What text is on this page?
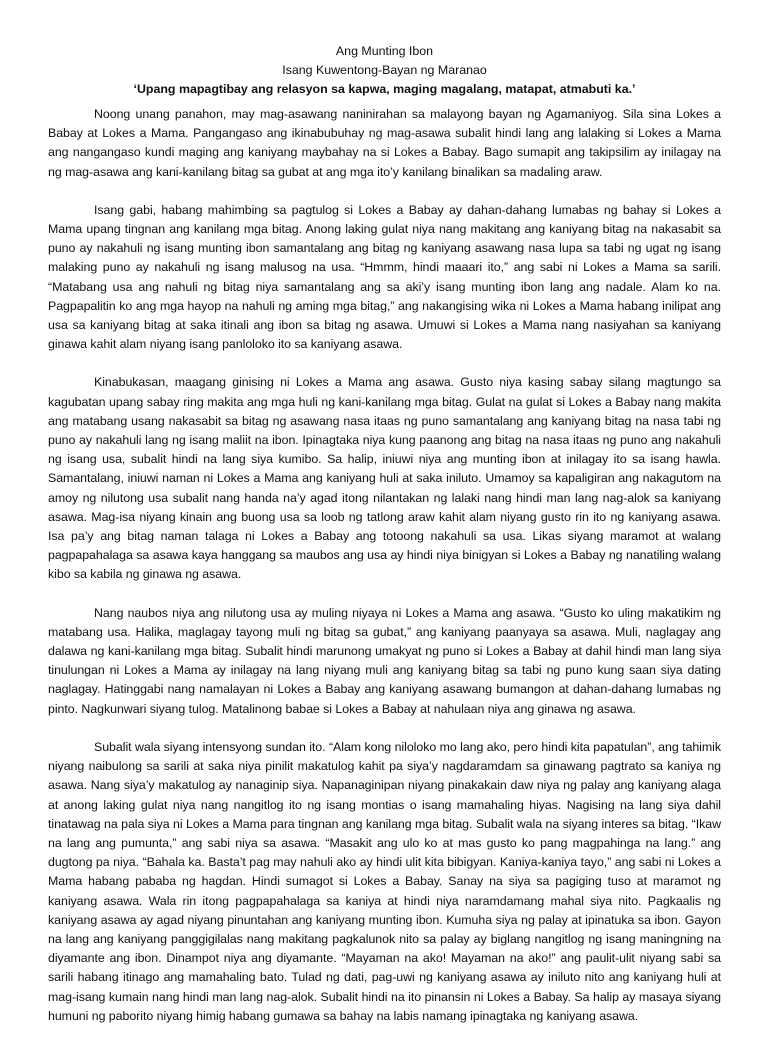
Ang Munting Ibon
Isang Kuwentong-Bayan ng Maranao
‘Upang mapagtibay ang relasyon sa kapwa, maging magalang, matapat, atmabuti ka.’

Noong unang panahon, may mag-asawang naninirahan sa malayong bayan ng Agamaniyog. Sila sina Lokes a Babay at Lokes a Mama. Pangangaso ang ikinabubuhay ng mag-asawa subalit hindi lang ang lalaking si Lokes a Mama ang nangangaso kundi maging ang kaniyang maybahay na si Lokes a Babay. Bago sumapit ang takipsilim ay inilagay na ng mag-asawa ang kani-kanilang bitag sa gubat at ang mga ito’y kanilang binalikan sa madaling araw.

Isang gabi, habang mahimbing sa pagtulog si Lokes a Babay ay dahan-dahang lumabas ng bahay si Lokes a Mama upang tingnan ang kanilang mga bitag. Anong laking gulat niya nang makitang ang kaniyang bitag na nakasabit sa puno ay nakahuli ng isang munting ibon samantalang ang bitag ng kaniyang asawang nasa lupa sa tabi ng ugat ng isang malaking puno ay nakahuli ng isang malusog na usa. “Hmmm, hindi maaari ito,” ang sabi ni Lokes a Mama sa sarili. “Matabang usa ang nahuli ng bitag niya samantalang ang sa aki’y isang munting ibon lang ang nadale. Alam ko na. Pagpapalitin ko ang mga hayop na nahuli ng aming mga bitag,” ang nakangising wika ni Lokes a Mama habang inilipat ang usa sa kaniyang bitag at saka itinali ang ibon sa bitag ng asawa. Umuwi si Lokes a Mama nang nasiyahan sa kaniyang ginawa kahit alam niyang isang panloloko ito sa kaniyang asawa.

Kinabukasan, maagang ginising ni Lokes a Mama ang asawa. Gusto niya kasing sabay silang magtungo sa kagubatan upang sabay ring makita ang mga huli ng kani-kanilang mga bitag. Gulat na gulat si Lokes a Babay nang makita ang matabang usang nakasabit sa bitag ng asawang nasa itaas ng puno samantalang ang kaniyang bitag na nasa tabi ng puno ay nakahuli lang ng isang maliit na ibon. Ipinagtaka niya kung paanong ang bitag na nasa itaas ng puno ang nakahuli ng isang usa, subalit hindi na lang siya kumibo. Sa halip, iniuwi niya ang munting ibon at inilagay ito sa isang hawla. Samantalang, iniuwi naman ni Lokes a Mama ang kaniyang huli at saka iniluto. Umamoy sa kapaligiran ang nakagutom na amoy ng nilutong usa subalit nang handa na’y agad itong nilantakan ng lalaki nang hindi man lang nag-alok sa kaniyang asawa. Mag-isa niyang kinain ang buong usa sa loob ng tatlong araw kahit alam niyang gusto rin ito ng kaniyang asawa. Isa pa’y ang bitag naman talaga ni Lokes a Babay ang totoong nakahuli sa usa. Likas siyang maramot at walang pagpapahalaga sa asawa kaya hanggang sa maubos ang usa ay hindi niya binigyan si Lokes a Babay ng nanatiling walang kibo sa kabila ng ginawa ng asawa.

Nang naubos niya ang nilutong usa ay muling niyaya ni Lokes a Mama ang asawa. “Gusto ko uling makatikim ng matabang usa. Halika, maglagay tayong muli ng bitag sa gubat,” ang kaniyang paanyaya sa asawa. Muli, naglagay ang dalawa ng kani-kanilang mga bitag. Subalit hindi marunong umakyat ng puno si Lokes a Babay at dahil hindi man lang siya tinulungan ni Lokes a Mama ay inilagay na lang niyang muli ang kaniyang bitag sa tabi ng puno kung saan siya dating naglagay. Hatinggabi nang namalayan ni Lokes a Babay ang kaniyang asawang bumangon at dahan-dahang lumabas ng pinto. Nagkunwari siyang tulog. Matalinong babae si Lokes a Babay at nahulaan niya ang ginawa ng asawa.

Subalit wala siyang intensyong sundan ito. “Alam kong niloloko mo lang ako, pero hindi kita papatulan”, ang tahimik niyang naibulong sa sarili at saka niya pinilit makatulog kahit pa siya’y nagdaramdam sa ginawang pagtrato sa kaniya ng asawa. Nang siya’y makatulog ay nanaginip siya. Napanaginipan niyang pinakakain daw niya ng palay ang kaniyang alaga at anong laking gulat niya nang nangitlog ito ng isang montias o isang mamahaling hiyas. Nagising na lang siya dahil tinatawag na pala siya ni Lokes a Mama para tingnan ang kanilang mga bitag. Subalit wala na siyang interes sa bitag. “Ikaw na lang ang pumunta,” ang sabi niya sa asawa. “Masakit ang ulo ko at mas gusto ko pang magpahinga na lang.” ang dugtong pa niya. “Bahala ka. Basta’t pag may nahuli ako ay hindi ulit kita bibigyan. Kaniya-kaniya tayo,” ang sabi ni Lokes a Mama habang pababa ng hagdan. Hindi sumagot si Lokes a Babay. Sanay na siya sa pagiging tuso at maramot ng kaniyang asawa. Wala rin itong pagpapahalaga sa kaniya at hindi niya naramdamang mahal siya nito. Pagkaalis ng kaniyang asawa ay agad niyang pinuntahan ang kaniyang munting ibon. Kumuha siya ng palay at ipinatuka sa ibon. Gayon na lang ang kaniyang panggigilalas nang makitang pagkalunok nito sa palay ay biglang nangitlog ng isang maningning na diyamante ang ibon. Dinampot niya ang diyamante. “Mayaman na ako! Mayaman na ako!” ang paulit-ulit niyang sabi sa sarili habang itinago ang mamahaling bato. Tulad ng dati, pag-uwi ng kaniyang asawa ay iniluto nito ang kaniyang huli at mag-isang kumain nang hindi man lang nag-alok. Subalit hindi na ito pinansin ni Lokes a Babay. Sa halip ay masaya siyang humuni ng paborito niyang himig habang gumawa sa bahay na labis namang ipinagtaka ng kaniyang asawa.
